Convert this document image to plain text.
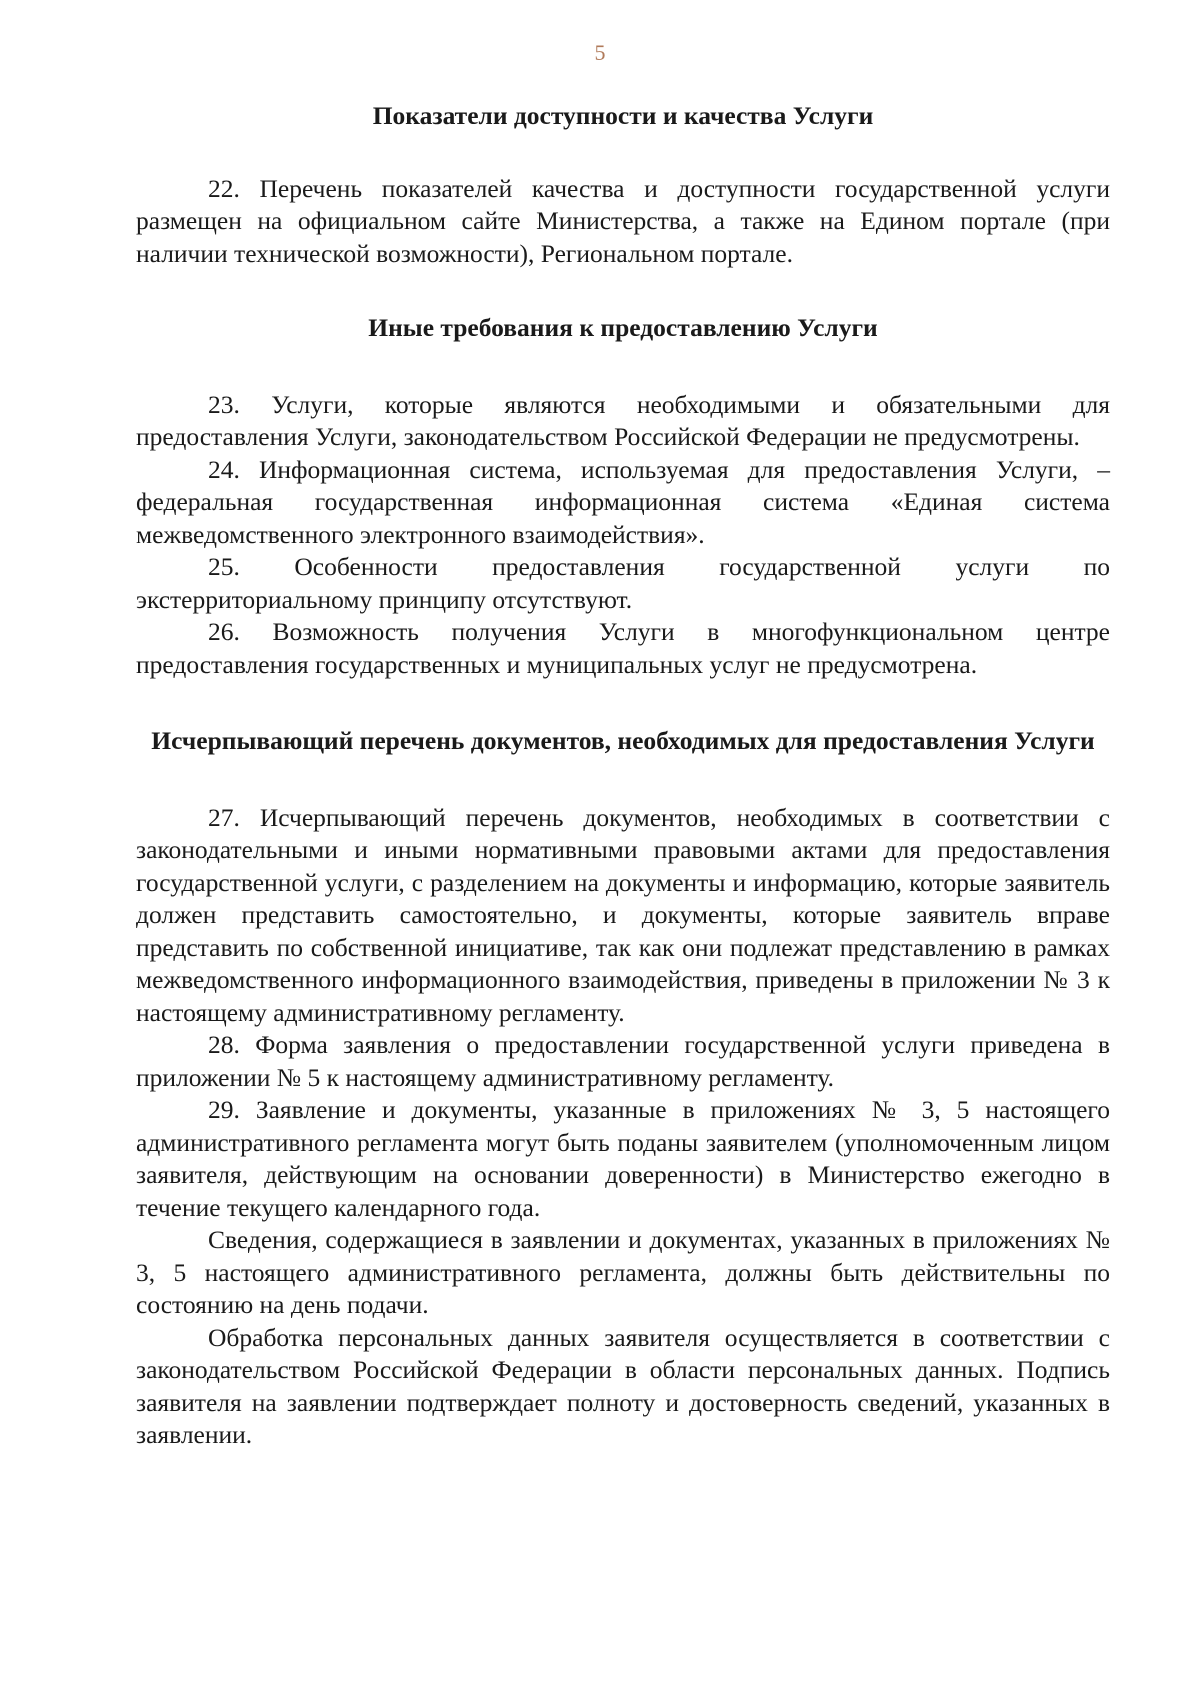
5
Показатели доступности и качества Услуги

22. Перечень показателей качества и доступности государственной услуги размещен на официальном сайте Министерства, а также на Едином портале (при наличии технической возможности), Региональном портале.

Иные требования к предоставлению Услуги

23. Услуги, которые являются необходимыми и обязательными для предоставления Услуги, законодательством Российской Федерации не предусмотрены.

24. Информационная система, используемая для предоставления Услуги, – федеральная государственная информационная система «Единая система межведомственного электронного взаимодействия».

25. Особенности предоставления государственной услуги по экстерриториальному принципу отсутствуют.

26. Возможность получения Услуги в многофункциональном центре предоставления государственных и муниципальных услуг не предусмотрена.

Исчерпывающий перечень документов, необходимых для предоставления Услуги

27. Исчерпывающий перечень документов, необходимых в соответствии с законодательными и иными нормативными правовыми актами для предоставления государственной услуги, с разделением на документы и информацию, которые заявитель должен представить самостоятельно, и документы, которые заявитель вправе представить по собственной инициативе, так как они подлежат представлению в рамках межведомственного информационного взаимодействия, приведены в приложении № 3 к настоящему административному регламенту.

28. Форма заявления о предоставлении государственной услуги приведена в приложении № 5 к настоящему административному регламенту.

29. Заявление и документы, указанные в приложениях № 3, 5 настоящего административного регламента могут быть поданы заявителем (уполномоченным лицом заявителя, действующим на основании доверенности) в Министерство ежегодно в течение текущего календарного года.

Сведения, содержащиеся в заявлении и документах, указанных в приложениях № 3, 5 настоящего административного регламента, должны быть действительны по состоянию на день подачи.

Обработка персональных данных заявителя осуществляется в соответствии с законодательством Российской Федерации в области персональных данных. Подпись заявителя на заявлении подтверждает полноту и достоверность сведений, указанных в заявлении.
